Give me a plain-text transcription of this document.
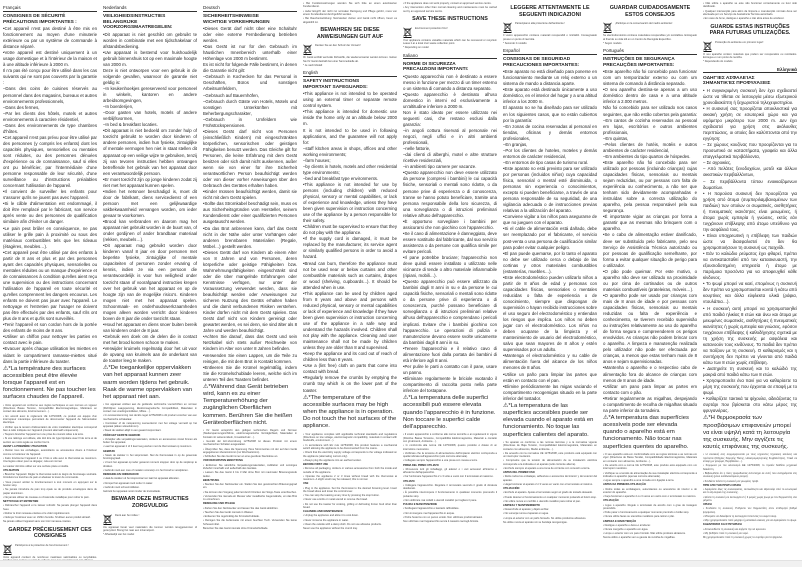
Français
CONSIGNES DE SÉCURITÉ
PRÉCAUTIONS IMPORTANTES :

•Cet appareil n'est pas destiné à être mis en fonctionnement au moyen d'une minuterie extérieure ou par un système de commande à distance séparé.

•Votre appareil est destiné uniquement à un usage domestique et à l'intérieur de la maison et à une altitude inférieure à 2000 m.

Il n'a pas été conçu pour être utilisé dans les cas suivants qui ne sont pas couverts par la garantie :

–Dans des coins de cuisines réservés au personnel dans des magasins, bureaux et autres environnements professionnels,

–Dans des fermes,

–Par les clients des hôtels, motels et autres environnements à caractère résidentiel,

–Dans des environnements de type chambres d'hôtes.

•Cet appareil n'est pas prévu pour être utilisé par des personnes (y compris les enfants) dont les capacités physiques, sensorielles ou mentales sont réduites, ou des personnes dénuées d'expérience ou de connaissance, sauf si elles ont pu bénéficier, par l'intermédiaire d'une personne responsable de leur sécurité, d'une surveillance ou d'instructions préalables concernant l'utilisation de l'appareil.

•Il convient de surveiller les enfants pour s'assurer qu'ils ne jouent pas avec l'appareil.

•Si le câble d'alimentation est endommagé, il doit être remplacé par le fabricant, son service après vente ou des personnes de qualification similaire afin d'éviter un danger.

•Le pain peut brûler en conséquence, ne pas utiliser le grille pain à proximité ou sous des matériaux combustibles tels que les rideaux (étagères, meubles…).

•Cet appareil peut être utilisé par des enfants à partir de 8 ans et plus et par des personnes ayant des capacités physiques, sensorielles ou mentales réduites ou un manque d'expérience et de connaissances à condition qu'elles aient reçu une supervision ou des instructions concernant l'utilisation de l'appareil en toute sécurité et qu'elles comprennent les dangers encourus. Les enfants ne doivent pas jouer avec l'appareil. Le nettoyage et l'entretien par l'usager ne doivent pas être effectués par des enfants, sauf s'ils ont plus de 8 ans et qu'ils sont surveillés.

•Tenir l'appareil et son cordon hors de la portée des enfants de moins de 8 ans.

•Utiliser un chiffon pour nettoyer les parties en contact avec le pain.

•Evacuer après chaque utilisation les miettes en vidant le compartiment ramasse-miettes situé dans la partie inférieure du toaster.

⚠*La température des surfaces accessibles peut être élevée lorsque l'appareil est en fonctionnement. Ne pas toucher les surfaces chaudes de l'appareil.

• Votre appareil est conforme aux règles techniques et aux normes en vigueur (Directives Basse Tension, Compatibilité Electromagnétique, Matériaux en contact des aliments, Environnement…).

• En accord avec le règlement UE 1275/2008, ce produit est équipé d'un interrupteur mécanique permettant de déconnecter l'appareil de l'alimentation électrique.

• Vérifier que la tension d'alimentation de votre installation électrique correspond bien à celle indiquée sur l'appareil (courant alternatif uniquement).

• Toujours brancher l'appareil sur une prise de courant reliée à la terre.

• Si une rallonge est utilisée, elle doit être de type bipolaire avec fil de terre et de section au moins égale au cordon fourni.

AVANT LA PREMIÈRE UTILISATION

• Retirer tous les emballages, autocollants ou accessoires divers à l'intérieur comme à l'extérieur de l'appareil.

• Faire fonctionner l'appareil 2 ou 3 fois à vide avec le thermostat au maximum. Une légère odeur peut se dégager, cela est normal.

Le toaster doit être utilisé sur une surface plane et stable.

UTILISATION

• Brancher l'appareil. Régler le thermostat selon le degré de brunissage souhaité. Introduire les tranches de pain et abaisser le levier de commande.

• Vous pouvez arrêter le fonctionnement à tout moment en appuyant sur le bouton stop.

• Ne jamais introduire de pain trop épais ou de produits enveloppés dans du papier aluminium.

• Ne jamais utiliser de couteau ou d'ustensile métallique pour retirer le pain.

NETTOYAGE ET ENTRETIEN

• Débrancher l'appareil et le laisser refroidir. Ne jamais plonger l'appareil dans l'eau.

• Retirer le tiroir ramasse-miettes et le vider régulièrement.

• Nettoyer l'extérieur avec un chiffon humide. N'utiliser aucun produit abrasif.

Ne jamais utiliser l'appareil sans son tiroir ramasse-miettes.

GARDEZ PRÉCIEUSEMENT CES CONSIGNES
Participons à la protection de l'environnement !

Votre appareil contient de nombreux matériaux valorisables ou recyclables.

Nederlands
VEILIGHEIDSINSTRUCTIES
BELANGRIJKE VOORZORGSMAATREGELEN:

•Dit apparaat is niet geschikt om gebruikt te worden in combinatie met een tijdschakelaar of afstandsbediening.

•Uw apparaat is bestemd voor huishoudelijk gebruik binnenshuis tot op een maximale hoogte van 2000 m.

Deze is niet ontworpen voor een gebruik in de volgende gevallen, waarvoor de garantie niet geldig is:

–In keukenhoekjes gereserveerd voor personeel in winkels, kantoren en andere arbeidsomgevingen,

–In boerderijen,

–Door gasten van hotels, motels of andere verblijfsvormen,

–In bed & breakfast locaties.

•Dit apparaat is niet bedoeld om zonder hulp of toezicht gebruikt te worden door kinderen of andere personen, indien hun fysieke, zintuiglijke of mentale vermogen hen niet in staat stellen dit apparaat op een veilige wijze te gebruiken, tenzij zij van tevoren instructies hebben ontvangen betreffende het gebruik van het apparaat door een verantwoordelijk persoon.

•Er moet toezicht zijn op jonge kinderen zodat zij niet met het apparaat kunnen spelen.

•Indien het netsnoer beschadigd is, moet dit door de fabrikant, diens servicedienst of een persoon met een gelijkwaardige vakbekwaamheid vervangen worden, om ieder gevaar te voorkomen.

•Brood kan verbranden en daarom mag het apparaat niet gebruikt worden in de buurt van, of onder gordijnen of ander brandbaar materiaal (rekken, meubels…).

•Dit apparaat mag gebruikt worden door kinderen vanaf 8 jaar en door personen met beperkte fysieke, zintuiglijke of mentale capaciteiten of personen zonder ervaring of kennis, indien ze via een persoon die verantwoordelijk is voor hun veiligheid onder toezicht staan of voorafgaand instructies kregen over het gebruik van het apparaat en op de hoogte zijn van de mogelijke risico's. Kinderen mogen niet met het apparaat spelen. Schoonmaak- en onderhoudswerkzaamheden mogen alleen worden verricht door kinderen boven de 8 jaar die onder toezicht staan.

•Houd het apparaat en diens snoer buiten bereik van kinderen onder de 8 jaar.

•Gebruik een doek om de delen die in contact met het brood komen schoon te maken.

•Verwijder kruimels regelmatig door het uit voor de opvang van kruimels aan de onderkant van de toaster leeg te maken.

⚠*De toegankelijke oppervlakken van het apparaat kunnen zeer warm worden tijdens het gebruik. Raak de warme oppervlakken van het apparaat niet aan.

• Uw apparaat voldoet aan de geldende technische voorschriften en normen (Richtlijnen Laagspanning, Elektromagnetische Compatibiliteit, Materialen in contact met voedingsmiddelen, Milieu…).

• In overeenstemming met de EU-regel 1275/2008 is dit product voorzien van een mechanische schakelaar.

• Controleer of de netspanning overeenkomt met het voltage vermeld op het apparaat (alleen wisselstroom).

• Steek de stekker altijd in een geaard stopcontact.

VÓÓR HET EERSTE GEBRUIK

• Verwijder alle verpakkingsmaterialen, stickers en accessoires zowel binnen als buiten het apparaat.

• Laat het apparaat 2 of 3 keer leeg werken met de thermostaat op maximum.

GEBRUIK

• Steek de stekker in het stopcontact. Stel de thermostaat in op de gewenste bruiningsgraad.

• U kunt het apparaat op ieder gewenst moment stoppen door op de stopknop te drukken.

• Gebruik nooit een mes of metalen voorwerp om het brood te verwijderen.

REINIGING EN ONDERHOUD

• Haal de stekker uit het stopcontact en laat het apparaat afkoelen.

• Dompel het apparaat nooit onder in water.

• Gebruik nooit schuurmiddelen.

Gebruik het apparaat nooit zonder de kruimellade.

BEWAAR DEZE INSTRUCTIES ZORGVULDIG
Denk aan het milieu !

Uw apparaat bevat veel materialen die kunnen worden teruggewonnen of gerecycled. Breng het naar een inzamelpunt.

* Afhankelijk van het model

Deutsch
SICHERHEITSHINWEISE
WICHTIGE VORKEHRUNGEN

•Dieses Gerät darf nicht über eine Schaltuhr oder eine externe Fernbedienung betrieben werden.

•Das Gerät ist nur für den Gebrauch im häuslichen Innenbereich unterhalb einer Höhenlage von 2000 m bestimmt.

Es ist nicht für folgende Fälle bestimmt, in denen die Garantie nicht gilt:

–Gebrauch in Kochecken für das Personal in Geschäften, Büros und sonstigen Arbeitsumfeldern,

–Gebrauch auf Bauernhöfen,

–Gebrauch durch Gäste von Hotels, Motels und sonstigen Unterkünften mit Beherbergungscharakter,

–Gebrauch in Umfeldern wie Frühstückspensionen.

•Dieses Gerät darf nicht von Personen (einschließlich Kindern) mit eingeschränkten körperlichen, sensorischen oder geistigen Fähigkeiten benutzt werden. Das Gleiche gilt für Personen, die keine Erfahrung mit dem Gerät besitzen oder sich damit nicht auskennen, außer wenn sie von einer für ihre Sicherheit verantwortlichen Person beaufsichtigt werden oder von dieser vorher Anweisungen über den Gebrauch des Gerätes erhalten haben.

•Kinder müssen beaufsichtigt werden, damit sie nicht mit dem Gerät spielen.

•Sollte das Stromkabel beschädigt sein, muss es aus Sicherheitsgründen vom Hersteller, seinem Kundendienst oder einer qualifizierten Personen ausgetauscht werden.

•Da das Brot anbrennen kann, darf das Gerät nicht in der Nähe oder unter Vorhängen oder anderen brennbaren Materialien (Regale, Möbel…) gestellt werden.

•Dieses Gerät darf von Kindern ab einem Alter von 8 Jahren und von Personen, deren körperliche oder geistige Fähigkeiten bzw. Wahrnehmungsfähigkeiten eingeschränkt sind oder die über mangelnde Erfahrungen oder Kenntnisse verfügen, nur unter der Voraussetzung verwendet werden, dass sie beaufsichtigt werden oder Anweisungen zur sicheren Nutzung des Geräts erhalten haben und die damit verbundenen Risiken verstehen. Kinder dürfen nicht mit dem Gerät spielen. Das Gerät darf nicht von Kindern gereinigt oder gewartet werden, es sei denn, sie sind älter als 8 Jahre und werden beaufsichtigt.

•Achten Sie darauf, dass das Gerät und sein Netzkabel sich stets außer Reichweite von Kindern im Alter von unter 8 Jahren befinden.

•Verwenden Sie einen Lappen, um die Teile zu reinigen, die mit dem Brot in Kontakt kommen.

•Entleeren Sie die Krümel regelmäßig, indem Sie die Krümelschublade leeren, welche sich im unteren Teil des Toasters befindet.

⚠*Während das Gerät betrieben wird, kann es zu einer Temperaturerhöhung der zugänglichen Oberflächen kommen. Berühren Sie die heißen Geräteoberflächen nicht.

• Ihr Gerät entspricht den gültigen technischen Regeln und Normen (Niederspannungsrichtlinie, elektromagnetische Verträglichkeit, Materialien in Kontakt mit Lebensmitteln, Umweltschutz…).

• Gemäß der EU-Verordnung 1275/2008 ist dieses Produkt mit einem mechanischen Schalter ausgestattet.

• Überprüfen Sie, dass die Spannung Ihres Stromnetzes mit der auf dem Gerät angegebenen übereinstimmt (nur Wechselstrom).

• Schließen Sie das Gerät immer an eine geerdete Steckdose an.

VOR DER ERSTEN BENUTZUNG

• Entfernen Sie sämtliche Verpackungsmaterialien, Aufkleber und sonstiges Zubehör innerhalb und außerhalb des Gerätes.

• Lassen Sie das Gerät 2 bis 3 Mal ohne Brot mit maximaler Bräunungsstufe laufen.

BENUTZUNG

• Stecken Sie den Netzstecker ein. Stellen Sie den gewünschten Bräunungsgrad ein.

• Sie können den Vorgang jederzeit durch Drücken der Stopp-Taste unterbrechen.

• Verwenden Sie niemals ein Messer oder metallische Gegenstände, um das Brot zu entnehmen.

REINIGUNG UND PFLEGE

• Ziehen Sie den Netzstecker und lassen Sie das Gerät abkühlen.

• Tauchen Sie das Gerät niemals in Wasser.

• Entleeren Sie regelmäßig die Krümelschublade.

• Reinigen Sie die Außenseite mit einem feuchten Tuch. Verwenden Sie keine Scheuermittel.

Benutzen Sie das Gerät niemals ohne Krümelschublade.

• Bei Funktionsstörungen wenden Sie sich bitte an einen autorisierten Kundendienst.

• Jeder Eingriff, der nicht zur normalen Reinigung und Pflege gehört, muss von einem Kundendienst durchgeführt werden.

• Bei Rauchentwicklung: Netzstecker ziehen und Gerät nicht öffnen, bevor es abgekühlt ist.

BEWAHREN SIE DIESE ANWEISUNGEN GUT AUF
Denken Sie an den Schutz der Umwelt !

Ihr Gerät enthält wertvolle Rohstoffe, die wiederverwertet werden können. Geben Sie Ihr Gerät deshalb bei einer Sammelstelle ab.

* Je nach Modell

English
SAFETY INSTRUCTIONS
IMPORTANT SAFEGUARDS:

•This appliance is not intended to be operated using an external timer or separate remote control system.

•This appliance is intended for domestic use inside the home only at an altitude below 2000 m.

It is not intended to be used in following applications, and the guarantee will not apply for:

–staff kitchen areas in shops, offices and other working environments;

–farm houses;

–by clients in hotels, motels and other residential type environments;

–bed and breakfast type environments.

•This appliance is not intended for use by persons (including children) with reduced physical, sensory or mental capabilities, or lack of experience and knowledge, unless they have been given supervision or instruction concerning use of the appliance by a person responsible for their safety.

•Children must be supervised to ensure that they do not play with the appliance.

•If the supply cord is damaged, it must be replaced by the manufacturer, its service agent or similarly qualified persons in order to avoid a hazard.

•Bread can burn, therefore the appliance must not be used near or below curtains and other combustible materials such as curtains, drapes or wood (shelving, cupboards...). It should be attended when in use.

•This appliance can be used by children aged from 8 years and above and persons with reduced physical, sensory or mental capabilities or lack of experience and knowledge if they have been given supervision or instruction concerning use of the appliance in a safe way and understand the hazards involved. Children shall not play with the appliance. Cleaning and user maintenance shall not be made by children unless they are older than 8 and supervised.

•Keep the appliance and its cord out of reach of children less than 8 years.

•Use a (lint free) cloth on parts that come into contact with bread.

•Regularly remove the crumbs by emptying the crumb tray which is on the lower part of the toaster.

⚠*The temperature of the accessible surfaces may be high when the appliance is in operation. Do not touch the hot surfaces of the appliance.

• Your appliance complies with applicable technical standards and regulations (Directives on low voltage, electromagnetic compatibility, materials in contact with foodstuffs, environment…).

• In accordance with EU rule 1275/2008, this product features a mechanical switch allowing the appliance to be disconnected from the mains.

• Check that the electricity supply voltage corresponds to the voltage indicated on the appliance (alternating current only).

• Always plug the appliance into an earthed socket.

BEFORE FIRST USE

• Remove all packaging, stickers or various accessories from both the inside and outside of the appliance.

• Operate the appliance 2 or 3 times without bread with the thermostat at maximum. A slight smell may be released; this is normal.

USE

• Plug in the appliance. Set the thermostat to the desired browning level. Insert the bread slices and lower the control lever.

• You can stop the toasting at any time by pressing the stop button.

• Never use a knife or metal utensil to remove the bread.

• Do not use the toaster for cooking, grilling or defrosting frozen food other than bread.

CLEANING AND MAINTENANCE

• Unplug the appliance and allow it to cool down.

• Never immerse the appliance in water.

• Clean the outside with a damp cloth. Do not use abrasive products.

Never use the appliance without the crumb tray.

• If the appliance does not work properly, contact an approved service centre.

• Any intervention other than normal cleaning and maintenance must be carried out by an approved service centre.

SAVE THESE INSTRUCTIONS
Environment protection first !

Your appliance contains valuable materials which can be recovered or recycled. Leave it at a local civic waste collection point.

* Depending on model

Italiano
NORME DI SICUREZZA
PRECAUZIONI IMPORTANTI:

•Questo apparecchio non è destinato a essere messo in funzione per mezzo di un timer esterno o un sistema di comando a distanza separato.

•Questo apparecchio è destinato all'uso domestico in interni ed esclusivamente a un'altitudine inferiore a 2000 m.

Non è stato ideato per essere utilizzato nei seguenti casi, che restano esclusi dalla garanzia:

–in angoli cottura riservati al personale nei negozi, negli uffici e in altri ambienti professionali,

–nelle fattorie,

–dai clienti di alberghi, motel e altre strutture ricettive residenziali,

–in ambienti tipo camere per vacanze.

•Questo apparecchio non deve essere utilizzato da persone (compresi i bambini) le cui capacità fisiche, sensoriali o mentali sono ridotte, o da persone prive di esperienza o di conoscenza, tranne se hanno potuto beneficiare, tramite una persona responsabile della loro sicurezza, di una sorveglianza o di istruzioni preliminari relative all'uso dell'apparecchio.

•È opportuno sorvegliare i bambini per assicurarsi che non giochino con l'apparecchio.

•Se il cavo di alimentazione è danneggiato, deve essere sostituito dal fabbricante, dal suo servizio assistenza o da persone con qualifica simile per evitare pericoli.

•Il pane potrebbe bruciare; l'apparecchio non deve quindi essere installato o utilizzato nelle vicinanze di tende o altro materiale infiammabile (ripiani, mobili…).

•Questo apparecchio può essere utilizzato da bambini dagli 8 anni in su e da persone le cui capacità fisiche, sensoriali o mentali sono ridotte o da persone prive di esperienza o di conoscenza, purché possano beneficiare di sorveglianza o di istruzioni preliminari relative all'uso dell'apparecchio e comprendano i pericoli implicati. Evitare che i bambini giochino con l'apparecchio. Le operazioni di pulizia e manutenzione devono essere svolte unicamente da bambini dagli 8 anni in su.

•Tenere l'apparecchio e il relativo cavo di alimentazione fuori dalla portata dei bambini di età inferiore agli 8 anni.

•Per pulire le parti a contatto con il pane, usare un panno.

•Eliminare regolarmente le briciole vuotando il compartimento di raccolta posto nella parte inferiore del tostapane.

⚠*La temperatura delle superfici accessibili può essere elevata quando l'apparecchio è in funzione. Non toccare le superfici calde dell'apparecchio.

• Il vostro apparecchio è conforme alle norme tecniche e ai regolamenti in vigore (Direttive Bassa Tensione, Compatibilità Elettromagnetica, Materiali a contatto con gli alimenti, Ambiente…).

• In conformità alla norma UE 1275/2008, questo prodotto è dotato di un interruttore meccanico.

• Verificare che la tensione di alimentazione dell'impianto elettrico corrisponda a quella indicata sull'apparecchio (solo corrente alternata).

• Collegare sempre l'apparecchio a una presa con messa a terra.

PRIMA DEL PRIMO UTILIZZO

• Rimuovere tutti gli imballaggi, gli adesivi o i vari accessori all'interno e all'esterno dell'apparecchio.

• Far funzionare l'apparecchio 2 o 3 volte a vuoto con il termostato al massimo.

UTILIZZO

• Collegare l'apparecchio. Regolare il termostato secondo il grado di doratura desiderato.

• È possibile interrompere il funzionamento in qualsiasi momento premendo il pulsante stop.

• Non utilizzare mai coltelli o utensili metallici per togliere il pane.

PULIZIA E MANUTENZIONE

• Scollegare l'apparecchio e lasciarlo raffreddare.

• Non immergere mai l'apparecchio in acqua.

• Pulire l'esterno con un panno umido. Non utilizzare prodotti abrasivi.

Non utilizzare mai l'apparecchio senza il cassetto raccogli-briciole.

LEGGERE ATTENTAMENTE LE SEGUENTI INDICAZIONI
Partecipiamo alla protezione dell'ambiente !

Il vostro apparecchio contiene materiali recuperabili o riciclabili. Consegnatelo presso un punto di raccolta.

* Secondo il modello

Español
CONSIGNAS DE SEGURIDAD
PRECAUCIONES IMPORTANTES:

•Este aparato no está diseñado para ponerse en funcionamiento mediante un reloj externo o un sistema de mando a distancia aparte.

•Este aparato está destinado únicamente a uso doméstico, en el interior del hogar y a una altitud inferior a los 2000 m.

El aparato no se ha diseñado para ser utilizado en los siguientes casos, que no están cubiertos por la garantía:

–En zonas de cocina reservadas al personal en tiendas, oficinas y demás entornos profesionales,

–En granjas,

–Por los clientes de hoteles, moteles y demás entornos de carácter residencial,

–En entornos de tipo casas de turismo rural.

•Este aparato no está previsto para ser utilizado por personas (incluidos niños) cuya capacidad física, sensorial o mental esté disminuida, o personas sin experiencia o conocimientos, excepto si pueden beneficiarse, a través de una persona responsable de su seguridad, de una vigilancia adecuada o de instrucciones previas relativas a la utilización del aparato.

•Conviene vigilar a los niños para asegurarse de que no jueguen con el aparato.

•Si el cable de alimentación está dañado, debe ser reemplazado por el fabricante, el servicio post-venta o una persona de cualificación similar para poder evitar cualquier peligro.

•El pan puede quemarse, por lo tanto el aparato no debe ser utilizado cerca o debajo de las cortinas y otros materiales combustibles (estanterías, muebles…).

•Este electrodoméstico pueden utilizarlo niños a partir de 8 años de edad y personas con capacidades físicas, sensoriales o mentales reducidas o falta de experiencia o de conocimiento, siempre que dispongan de supervisión o hayan recibido instrucciones sobre el uso seguro del electrodoméstico y entiendan los riesgos que implica. Los niños no deben jugar con el electrodoméstico. Los niños no deben ocuparse de la limpieza y el mantenimiento de usuario del electrodoméstico, salvo que sean mayores de 8 años y estén supervisados por un adulto.

•Mantenga el electrodoméstico y su cable de alimentación fuera del alcance de los niños menores de 8 años.

•Utilice un paño para limpiar las partes que están en contacto con el pan.

•Elimine periódicamente las migas vaciando el compartimento recogemigas situado en la parte inferior del tostador.

⚠*La temperatura de las superficies accesibles puede ser elevada cuando el aparato está en funcionamiento. No toque las superficies calientes del aparato.

• Su aparato es conforme a las normas técnicas y a la normativa vigente (Directivas de Baja Tensión, Compatibilidad Electromagnética, Materiales en contacto con alimentos, Medio ambiente…).

• De acuerdo con la normativa UE 1275/2008, este producto está equipado con un interruptor mecánico.

• Compruebe que la tensión de alimentación de su instalación eléctrica corresponde a la indicada en el aparato (sólo corriente alterna).

• Enchufe siempre el aparato a una toma de corriente con conexión a tierra.

ANTES DEL PRIMER USO

• Retire todos los embalajes, adhesivos o accesorios del interior y del exterior del aparato.

• Haga funcionar el aparato 2 ó 3 veces en vacío con el termostato al máximo.

UTILIZACIÓN

• Enchufe el aparato. Ajuste el termostato según el grado de tostado deseado.

• Puede detener el funcionamiento en cualquier momento pulsando el botón stop.

• No utilice nunca un cuchillo o utensilio metálico para retirar el pan.

LIMPIEZA Y MANTENIMIENTO

• Desenchufe el aparato y déjelo enfriar.

• No sumerja nunca el aparato en agua.

• Limpie el exterior con un paño húmedo. No utilice productos abrasivos.

No utilice nunca el aparato sin su bandeja recogemigas.

GUARDAR CUIDADOSAMENTE ESTOS CONSEJOS
¡Participe en la conservación del medio ambiente!

Su electrodoméstico contiene materiales recuperables y/o reciclables. Entréguelo al final de su vida útil en un Centro de Recogida Específico.

* Según modelo

Português
INSTRUÇÕES DE SEGURANÇA
PRECAUÇÕES IMPORTANTES:

•Este aparelho não foi concebido para funcionar com um temporizador externo ou com um sistema de comando à distância separado.

•O seu aparelho destina-se apenas a um uso doméstico dentro de casa e a uma altitude inferior a 2.000 metros.

Não foi concebido para ser utilizado nos casos seguintes, que não estão cobertos pela garantia:

–Em cantos de cozinha reservados ao pessoal em lojas, escritórios e outros ambientes profissionais,

–Em quintas,

–Pelos clientes de hotéis, motéis e outros ambientes de carácter residencial,

–Em ambientes do tipo quartos de hóspedes.

•Este aparelho não foi concebido para ser utilizado por pessoas (incluindo crianças) cujas capacidades físicas, sensoriais ou mentais sejam reduzidas, ou por pessoas com falta de experiência ou conhecimento, a não ser que tenham sido devidamente acompanhadas e instruídas sobre a correcta utilização do aparelho, pela pessoa responsável pela sua segurança.

•É importante vigiar as crianças por forma a garantir que as mesmas não brinquem com o aparelho.

•Se o cabo de alimentação estiver danificado, deve ser substituído pelo fabricante, pelo seu Serviço de Assistência Técnica autorizado ou por pessoas de qualificação semelhante, por forma a evitar qualquer situação de perigo para o utilizador.

•O pão pode queimar. Por este motivo, o aparelho não deve ser utilizado na proximidade ou por cima de cortinados ou de outros materiais combustíveis (prateleiras, móveis…).

•O aparelho pode ser usado por crianças com mais de 8 anos de idade e por pessoas com capacidades físicas, sensoriais ou mentais reduzidas ou falta de experiência e conhecimento, se tiverem recebido supervisão ou instruções relativamente ao uso do aparelho de forma segura e compreenderem os perigos envolvidos. As crianças não podem brincar com o aparelho. A limpeza e manutenção realizada pelo utilizador não pode ser efectuada por crianças, a menos que estas tenham mais de 8 anos e sejam supervisionadas.

•Mantenha o aparelho e o respectivo cabo de alimentação fora do alcance de crianças com menos de 8 anos de idade.

•Utilizar um pano para limpar as partes em contacto com o pão.

•Retirar regularmente as migalhas, despejando o compartimento de recolha de migalhas situado na parte inferior da torradeira.

⚠*A temperatura das superfícies acessíveis pode ser elevada quando o aparelho está em funcionamento. Não tocar nas superfícies quentes do aparelho.

• O seu aparelho está em conformidade com as regras técnicas e as normas em vigor (Directivas de Baixa Tensão, Compatibilidade Electromagnética, Materiais em contacto com alimentos, Ambiente…).

• De acordo com a norma UE 1275/2008, este produto está equipado com um interruptor mecânico.

• Verifique se a tensão de alimentação da sua instalação eléctrica corresponde à indicada no aparelho (apenas corrente alternada).

• Ligue sempre o aparelho a uma tomada com ligação à terra.

ANTES DA PRIMEIRA UTILIZAÇÃO

• Retire todas as embalagens, autocolantes ou acessórios do interior e do exterior do aparelho.

• Faça funcionar o aparelho 2 ou 3 vezes em vazio com o termóstato no máximo.

UTILIZAÇÃO

• Ligue o aparelho. Regule o termóstato de acordo com o grau de tostagem pretendido.

• Pode parar o funcionamento a qualquer momento premindo o botão stop.

• Nunca utilize facas ou utensílios metálicos para retirar o pão.

LIMPEZA E MANUTENÇÃO

• Desligue o aparelho e deixe-o arrefecer.

• Nunca mergulhe o aparelho em água.

• Limpe o exterior com um pano húmido. Não utilize produtos abrasivos.

Nunca utilize o aparelho sem a gaveta de recolha de migalhas.

• Não utilize o aparelho se este não funcionar correctamente ou tiver sido danificado.

• Qualquer intervenção para além da limpeza e manutenção normais deve ser efectuada por um Serviço de Assistência Técnica autorizado.

• Em caso de fumo, desligue o aparelho e não abra antes de arrefecer.

GUARDE ESTAS INSTRUÇÕES PARA FUTURAS UTILIZAÇÕES.
Protecção do ambiente em primeiro lugar!

O seu aparelho contém materiais que podem ser recuperados ou reciclados. Entregue-o num ponto de recolha.

* Dependendo do modelo

Ελληνικά
ΟΔΗΓΊΕΣ ΑΣΦΑΛΕΊΑΣ
ΣΗΜΑΝΤΙΚΈΣ ΠΡΟΦΥΛΆΞΕΙΣ

• Η συγκεκριμένη συσκευή δεν έχει σχεδιαστεί ώστε να τίθεται σε λειτουργία μέσω εξωτερικού χρονοδιακόπτη ή ξεχωριστού τηλεχειριστηρίου.

• Η συσκευή σας προορίζεται αποκλειστικά για οικιακή χρήση σε εσωτερικό χώρο και για υψόμετρο μικρότερο των 2000 m. Δεν έχει σχεδιαστεί για χρήση στις ακόλουθες περιπτώσεις, οι οποίες δεν καλύπτονται από την εγγύηση:

– Σε χώρους κουζίνας που προορίζονται για το προσωπικό σε καταστήματα, γραφεία και άλλα επαγγελματικά περιβάλλοντα,

– Σε αγροικίες,

– Από πελάτες ξενοδοχείων, μοτέλ και άλλων οικιστικών περιβαλλόντων,

– Σε περιβάλλοντα τύπου ενοικιαζόμενων δωματίων.

• Η παρούσα συσκευή δεν προορίζεται για χρήση από άτομα (συμπεριλαμβανομένων των παιδιών) των οποίων οι σωματικές, αισθητήριες ή πνευματικές ικανότητες είναι μειωμένες, ή άτομα χωρίς εμπειρία ή γνώσεις, εκτός εάν τυγχάνουν επίβλεψης από άτομο υπεύθυνο για την ασφάλειά τους.

• Είναι υποχρεωτική η επίβλεψη των παιδιών ώστε να διασφαλιστεί ότι δεν θα χρησιμοποιήσουν τη συσκευή ως παιχνίδι.

• Εάν το καλώδιο ρεύματος έχει φθαρεί, πρέπει να αντικατασταθεί από τον κατασκευαστή, την εξουσιοδοτημένη υπηρεσία ή άτομο με παρόμοια προσόντα για να αποφευχθεί κάθε κίνδυνος.

• Το ψωμί μπορεί να καεί, επομένως η συσκευή δεν πρέπει να χρησιμοποιείται κοντά ή κάτω από κουρτίνες και άλλα εύφλεκτα υλικά (ράφια, ντουλάπια…).

• Η συσκευή αυτή μπορεί να χρησιμοποιηθεί από παιδιά ηλικίας 8 ετών και άνω και άτομα με μειωμένες σωματικές, αισθητήριες ή πνευματικές ικανότητες ή χωρίς εμπειρία και γνώσεις, εφόσον τυγχάνουν επίβλεψης ή καθοδήγησης σχετικά με τη χρήση της συσκευής με ασφάλεια και κατανοούν τους κινδύνους. Τα παιδιά δεν πρέπει να παίζουν με τη συσκευή. Ο καθαρισμός και η συντήρηση δεν πρέπει να γίνονται από παιδιά κάτω των 8 ετών χωρίς επίβλεψη.

• Διατηρείτε τη συσκευή και το καλώδιό της μακριά από παιδιά κάτω των 8 ετών.

• Χρησιμοποιείτε ένα πανί για να καθαρίσετε τα μέρη της συσκευής που έρχονται σε επαφή με το ψωμί.

• Καθαρίζετε τακτικά τα ψίχουλα, αδειάζοντας το συρτάρι που βρίσκεται στο κάτω μέρος της φρυγανιέρας.

⚠*Η θερμοκρασία των προσβάσιμων επιφανειών μπορεί να είναι υψηλή κατά τη λειτουργία της συσκευής. Μην αγγίζετε τις καυτές επιφάνειες της συσκευής.

• Η συσκευή σας συμμορφώνεται με τους ισχύοντες τεχνικούς κανόνες και πρότυπα (Οδηγίες Χαμηλής Τάσης, Ηλεκτρομαγνητικής Συμβατότητας, Υλικά σε επαφή με τρόφιμα, Περιβάλλον…).

• Σύμφωνα με τον κανονισμό ΕΕ 1275/2008, το προϊόν διαθέτει μηχανικό διακόπτη.

• Βεβαιωθείτε ότι η τάση τροφοδοσίας αντιστοιχεί σε αυτή που αναγράφεται στη συσκευή (μόνο εναλλασσόμενο ρεύμα).

• Συνδέετε πάντα τη συσκευή σε γειωμένη πρίζα.

ΠΡΙΝ ΑΠΟ ΤΗΝ ΠΡΩΤΗ ΧΡΗΣΗ

• Αφαιρέστε όλες τις συσκευασίες, αυτοκόλλητα και αξεσουάρ από το εσωτερικό και το εξωτερικό της συσκευής.

• Θέστε τη συσκευή σε λειτουργία 2 ή 3 φορές χωρίς ψωμί με τον θερμοστάτη στο μέγιστο.

ΧΡΗΣΗ

• Συνδέστε τη συσκευή. Ρυθμίστε τον θερμοστάτη στον επιθυμητό βαθμό ψησίματος.

• Μπορείτε να διακόψετε τη λειτουργία πατώντας το κουμπί stop.

• Μην χρησιμοποιείτε ποτέ μαχαίρι ή μεταλλικό σκεύος για να αφαιρέσετε το ψωμί.

ΚΑΘΑΡΙΣΜΟΣ ΚΑΙ ΣΥΝΤΗΡΗΣΗ

• Αποσυνδέστε τη συσκευή και αφήστε την να κρυώσει.

• Μη βυθίζετε ποτέ τη συσκευή σε νερό.

Μη χρησιμοποιείτε ποτέ τη συσκευή χωρίς το συρτάρι για τα ψίχουλα.
